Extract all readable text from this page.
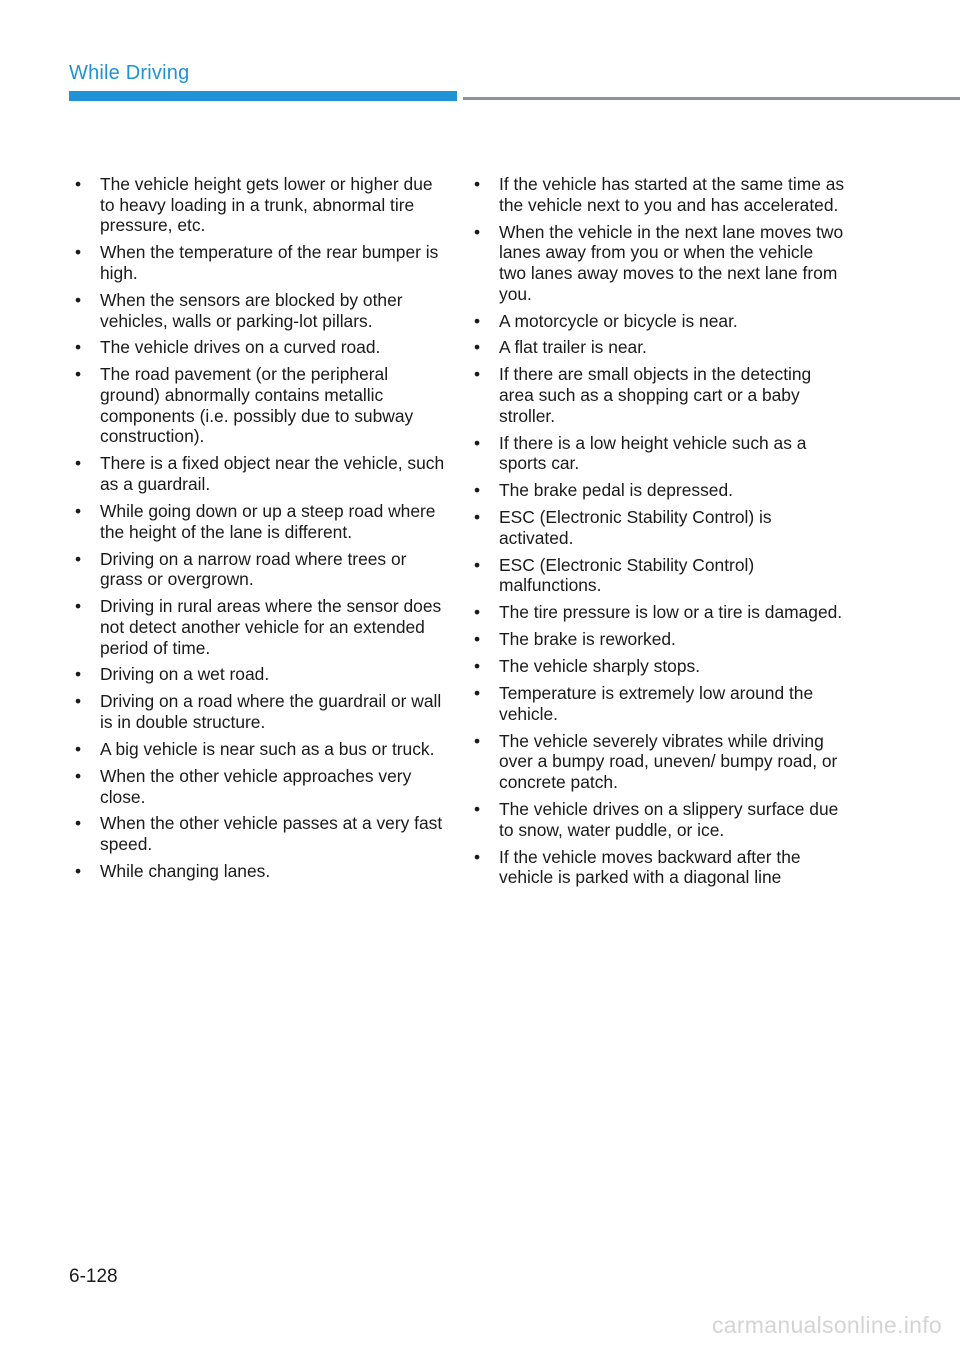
While Driving
• The vehicle height gets lower or higher due to heavy loading in a trunk, abnormal tire pressure, etc.
• When the temperature of the rear bumper is high.
• When the sensors are blocked by other vehicles, walls or parking-lot pillars.
• The vehicle drives on a curved road.
• The road pavement (or the peripheral ground) abnormally contains metallic components (i.e. possibly due to subway construction).
• There is a fixed object near the vehicle, such as a guardrail.
• While going down or up a steep road where the height of the lane is different.
• Driving on a narrow road where trees or grass or overgrown.
• Driving in rural areas where the sensor does not detect another vehicle for an extended period of time.
• Driving on a wet road.
• Driving on a road where the guardrail or wall is in double structure.
• A big vehicle is near such as a bus or truck.
• When the other vehicle approaches very close.
• When the other vehicle passes at a very fast speed.
• While changing lanes.
• If the vehicle has started at the same time as the vehicle next to you and has accelerated.
• When the vehicle in the next lane moves two lanes away from you or when the vehicle two lanes away moves to the next lane from you.
• A motorcycle or bicycle is near.
• A flat trailer is near.
• If there are small objects in the detecting area such as a shopping cart or a baby stroller.
• If there is a low height vehicle such as a sports car.
• The brake pedal is depressed.
• ESC (Electronic Stability Control) is activated.
• ESC (Electronic Stability Control) malfunctions.
• The tire pressure is low or a tire is damaged.
• The brake is reworked.
• The vehicle sharply stops.
• Temperature is extremely low around the vehicle.
• The vehicle severely vibrates while driving over a bumpy road, uneven/ bumpy road, or concrete patch.
• The vehicle drives on a slippery surface due to snow, water puddle, or ice.
• If the vehicle moves backward after the vehicle is parked with a diagonal line
6-128
carmanualsonline.info
